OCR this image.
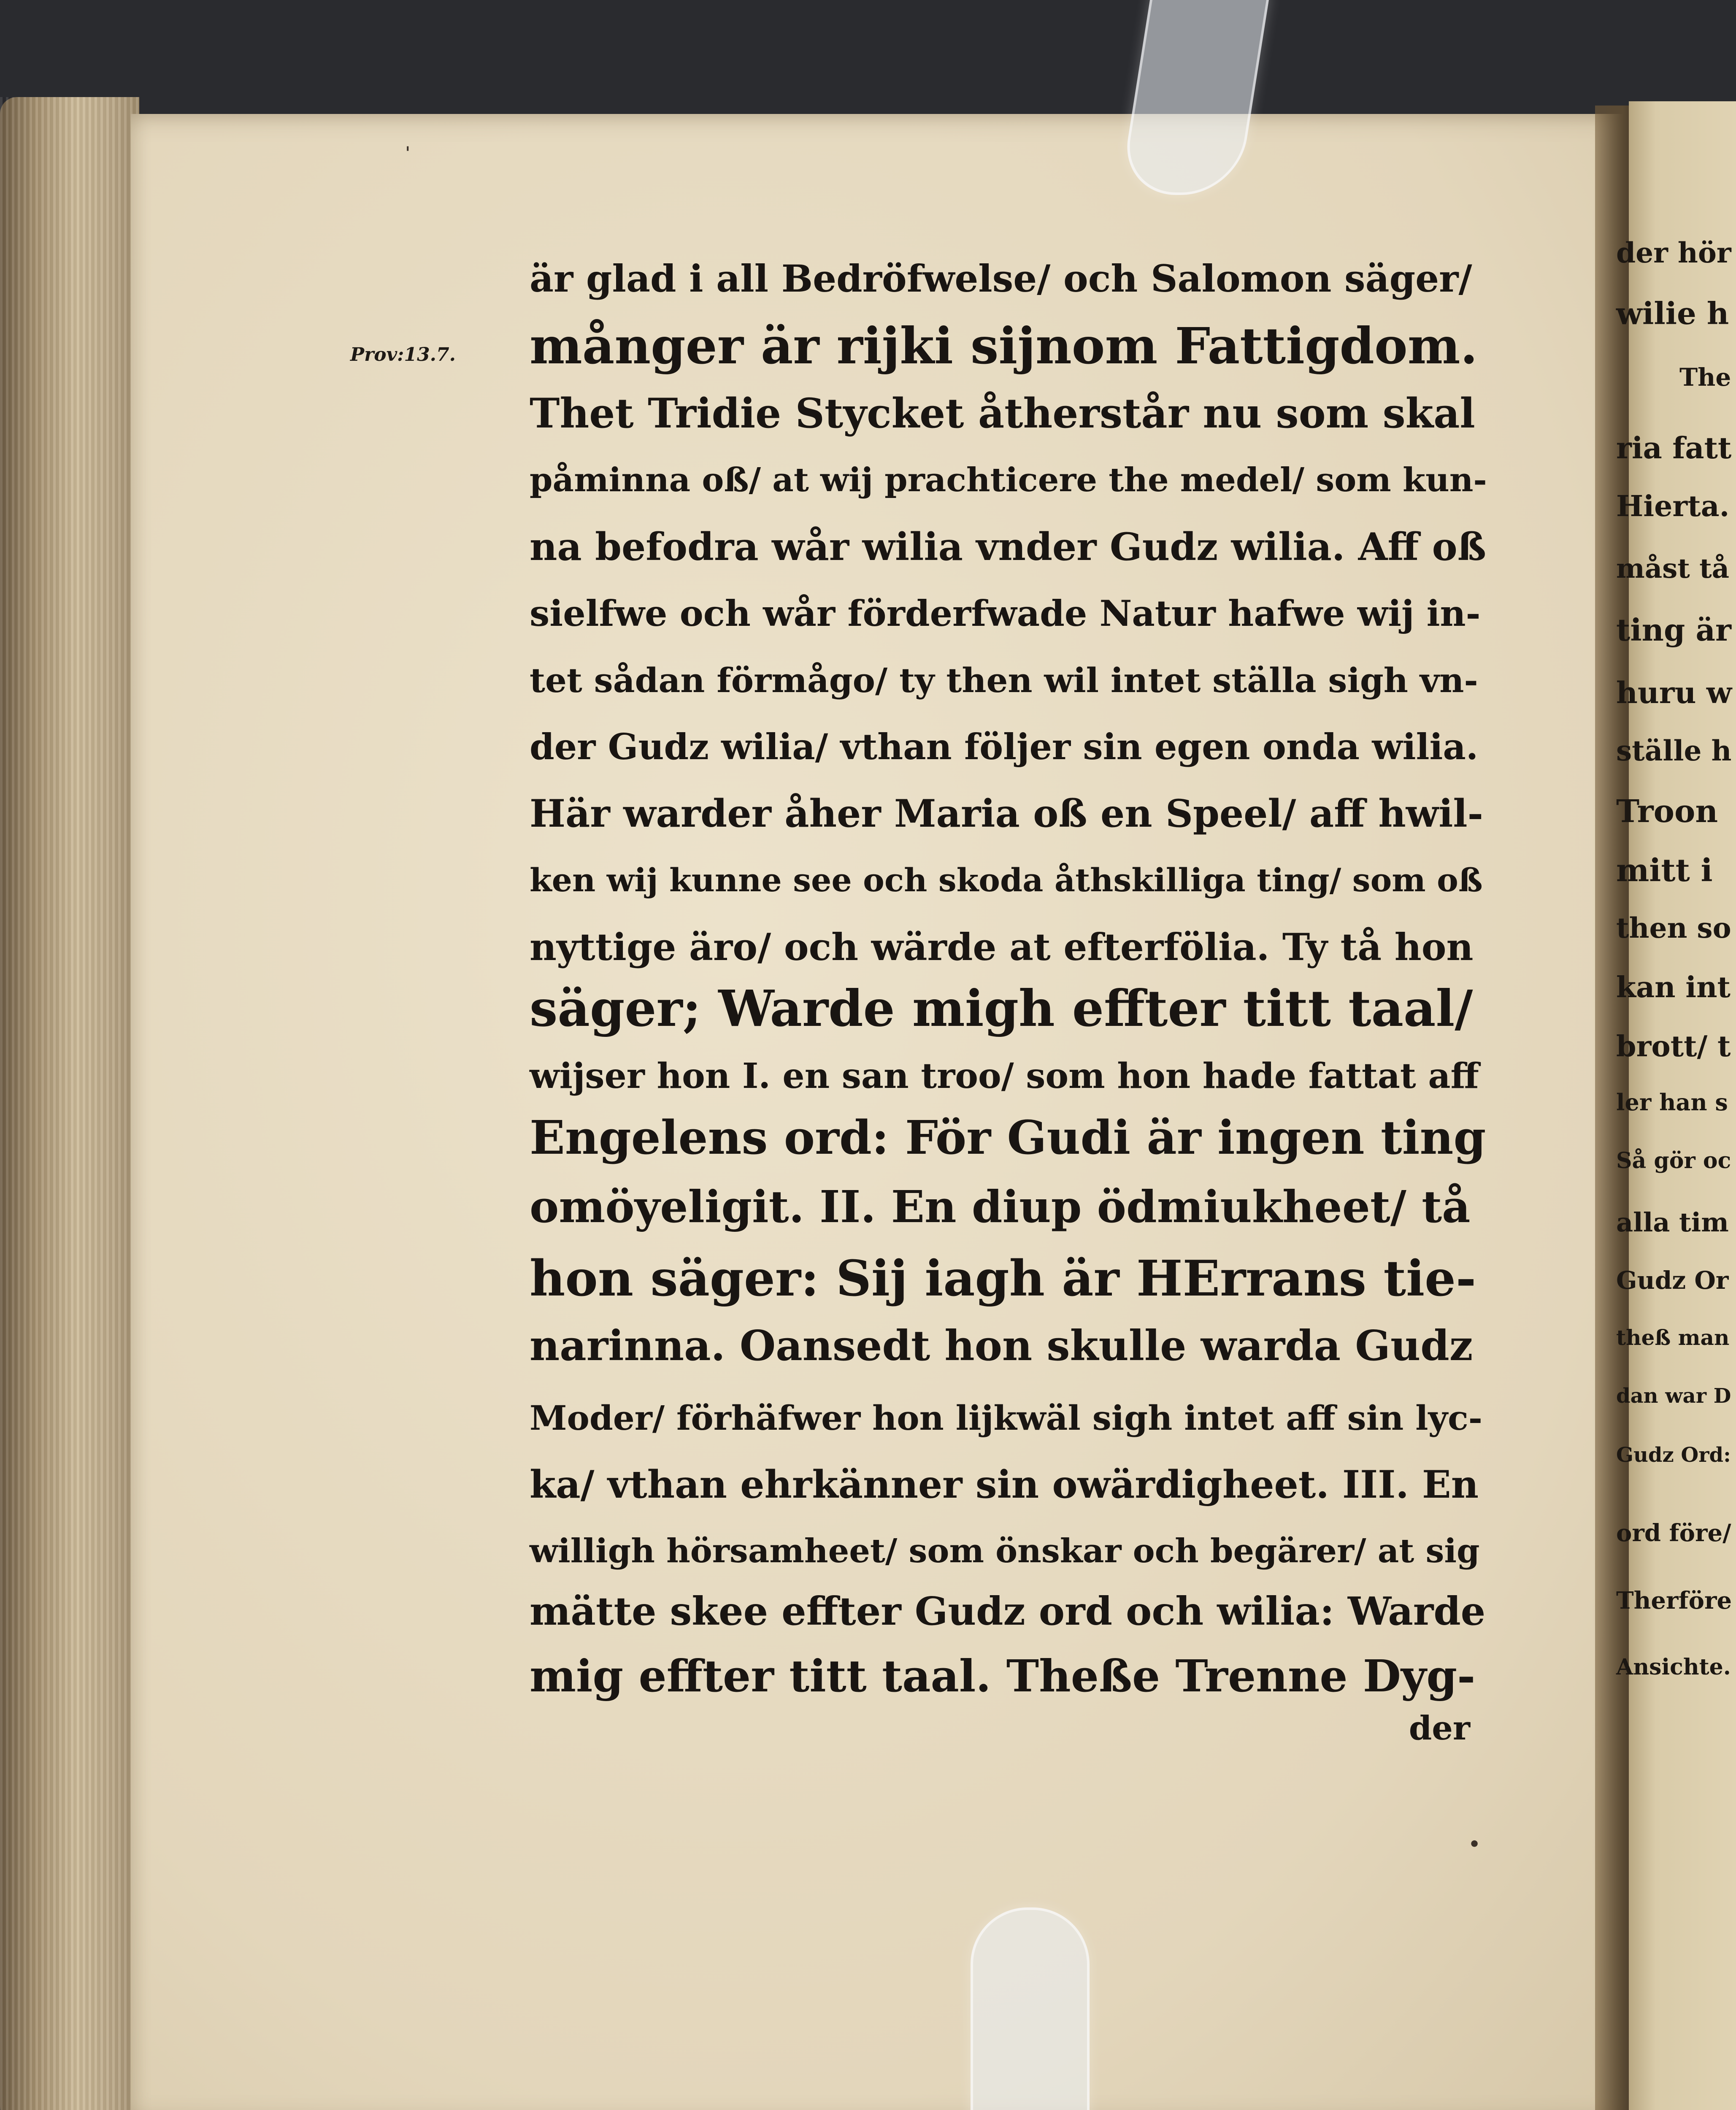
Prov:13.7.
ˈ
•
är glad i all Bedröfwelse/ och Salomon säger/
månger är rijki sijnom Fattigdom.
Thet Tridie Stycket åtherstår nu som skal
påminna oß/ at wij prachticere the medel/ som kun-
na befodra wår wilia vnder Gudz wilia. Aff oß
sielfwe och wår förderfwade Natur hafwe wij in-
tet sådan förmågo/ ty then wil intet ställa sigh vn-
der Gudz wilia/ vthan följer sin egen onda wilia.
Här warder åher Maria oß en Speel/ aff hwil-
ken wij kunne see och skoda åthskilliga ting/ som oß
nyttige äro/ och wärde at efterfölia. Ty tå hon
säger; Warde migh effter titt taal/
wijser hon I. en san troo/ som hon hade fattat aff
Engelens ord: För Gudi är ingen ting
omöyeligit. II. En diup ödmiukheet/ tå
hon säger: Sij iagh är HErrans tie-
narinna. Oansedt hon skulle warda Gudz
Moder/ förhäfwer hon lijkwäl sigh intet aff sin lyc-
ka/ vthan ehrkänner sin owärdigheet. III. En
willigh hörsamheet/ som önskar och begärer/ at sig
mätte skee effter Gudz ord och wilia: Warde
mig effter titt taal. Theße Trenne Dyg-
der
der hör
wilie h
The
ria fatt
Hierta.
måst tå
ting är
huru w
ställe h
Troon
mitt i
then so
kan int
brott/ t
ler han s
Så gör oc
alla tim
Gudz Or
theß man
dan war D
Gudz Ord:
ord före/
Therföre
Ansichte.
